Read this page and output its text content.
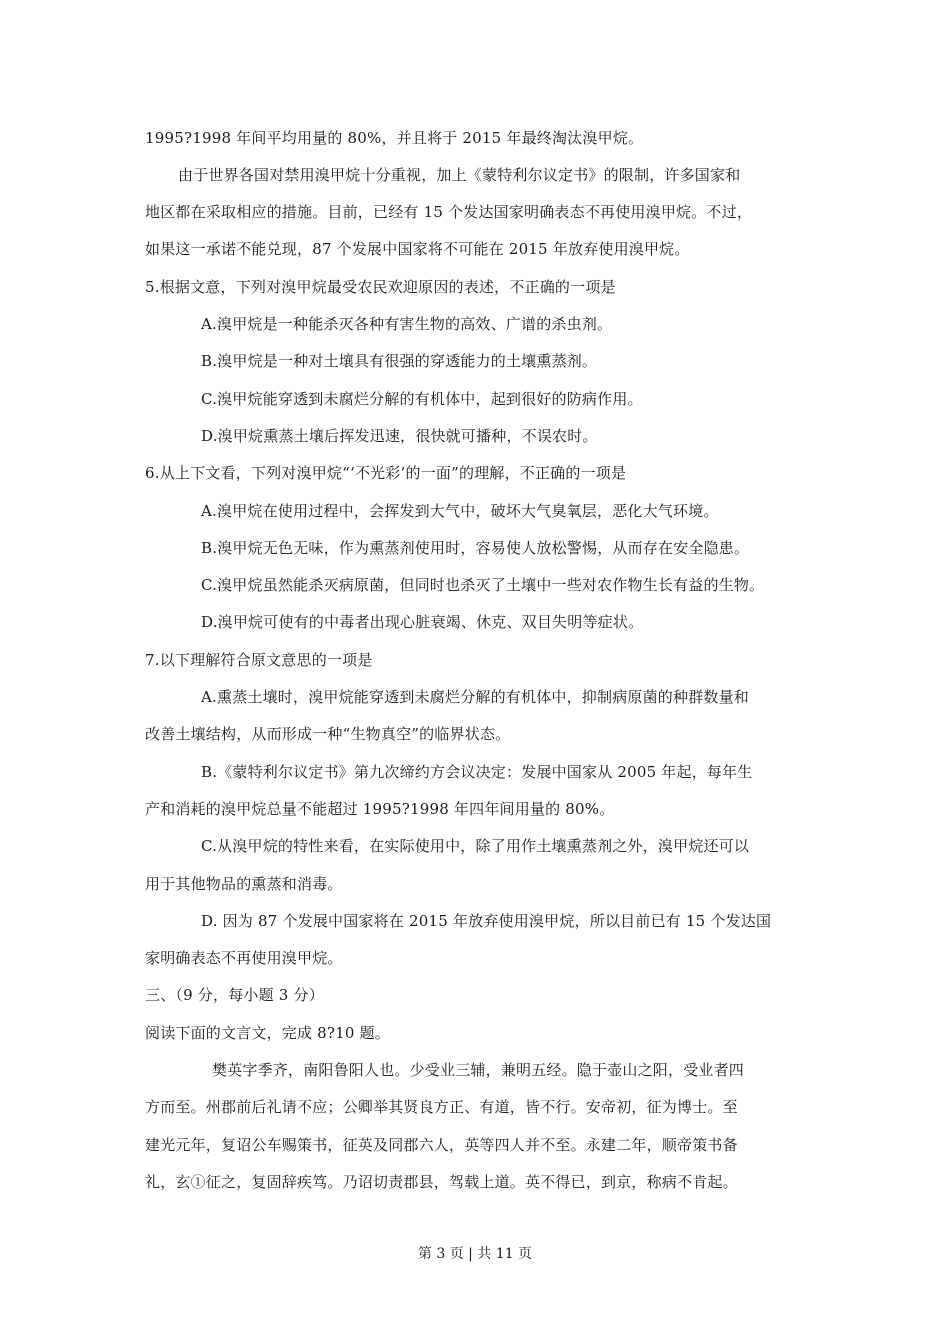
1995?1998 年间平均用量的 80%，并且将于 2015 年最终淘汰溴甲烷。
由于世界各国对禁用溴甲烷十分重视，加上《蒙特利尔议定书》的限制，许多国家和
地区都在采取相应的措施。目前，已经有 15 个发达国家明确表态不再使用溴甲烷。不过，
如果这一承诺不能兑现，87 个发展中国家将不可能在 2015 年放弃使用溴甲烷。
5.根据文意，下列对溴甲烷最受农民欢迎原因的表述，不正确的一项是
A.溴甲烷是一种能杀灭各种有害生物的高效、广谱的杀虫剂。
B.溴甲烷是一种对土壤具有很强的穿透能力的土壤熏蒸剂。
C.溴甲烷能穿透到未腐烂分解的有机体中，起到很好的防病作用。
D.溴甲烷熏蒸土壤后挥发迅速，很快就可播种，不误农时。
6.从上下文看，下列对溴甲烷“‘不光彩’的一面”的理解，不正确的一项是
A.溴甲烷在使用过程中，会挥发到大气中，破坏大气臭氧层，恶化大气环境。
B.溴甲烷无色无味，作为熏蒸剂使用时，容易使人放松警惕，从而存在安全隐患。
C.溴甲烷虽然能杀灭病原菌，但同时也杀灭了土壤中一些对农作物生长有益的生物。
D.溴甲烷可使有的中毒者出现心脏衰竭、休克、双目失明等症状。
7.以下理解符合原文意思的一项是
A.熏蒸土壤时，溴甲烷能穿透到未腐烂分解的有机体中，抑制病原菌的种群数量和
改善土壤结构，从而形成一种“生物真空”的临界状态。
B.《蒙特利尔议定书》第九次缔约方会议决定：发展中国家从 2005 年起，每年生
产和消耗的溴甲烷总量不能超过 1995?1998 年四年间用量的 80%。
C.从溴甲烷的特性来看，在实际使用中，除了用作土壤熏蒸剂之外，溴甲烷还可以
用于其他物品的熏蒸和消毒。
D. 因为 87 个发展中国家将在 2015 年放弃使用溴甲烷，所以目前已有 15 个发达国
家明确表态不再使用溴甲烷。
三、（9 分，每小题 3 分）
阅读下面的文言文，完成 8?10 题。
樊英字季齐，南阳鲁阳人也。少受业三辅，兼明五经。隐于壶山之阳，受业者四
方而至。州郡前后礼请不应；公卿举其贤良方正、有道，皆不行。安帝初，征为博士。至
建光元年，复诏公车赐策书，征英及同郡六人，英等四人并不至。永建二年，顺帝策书备
礼，玄①征之，复固辞疾笃。乃诏切责郡县，驾载上道。英不得已，到京，称病不肯起。
第 3 页 | 共 11 页
